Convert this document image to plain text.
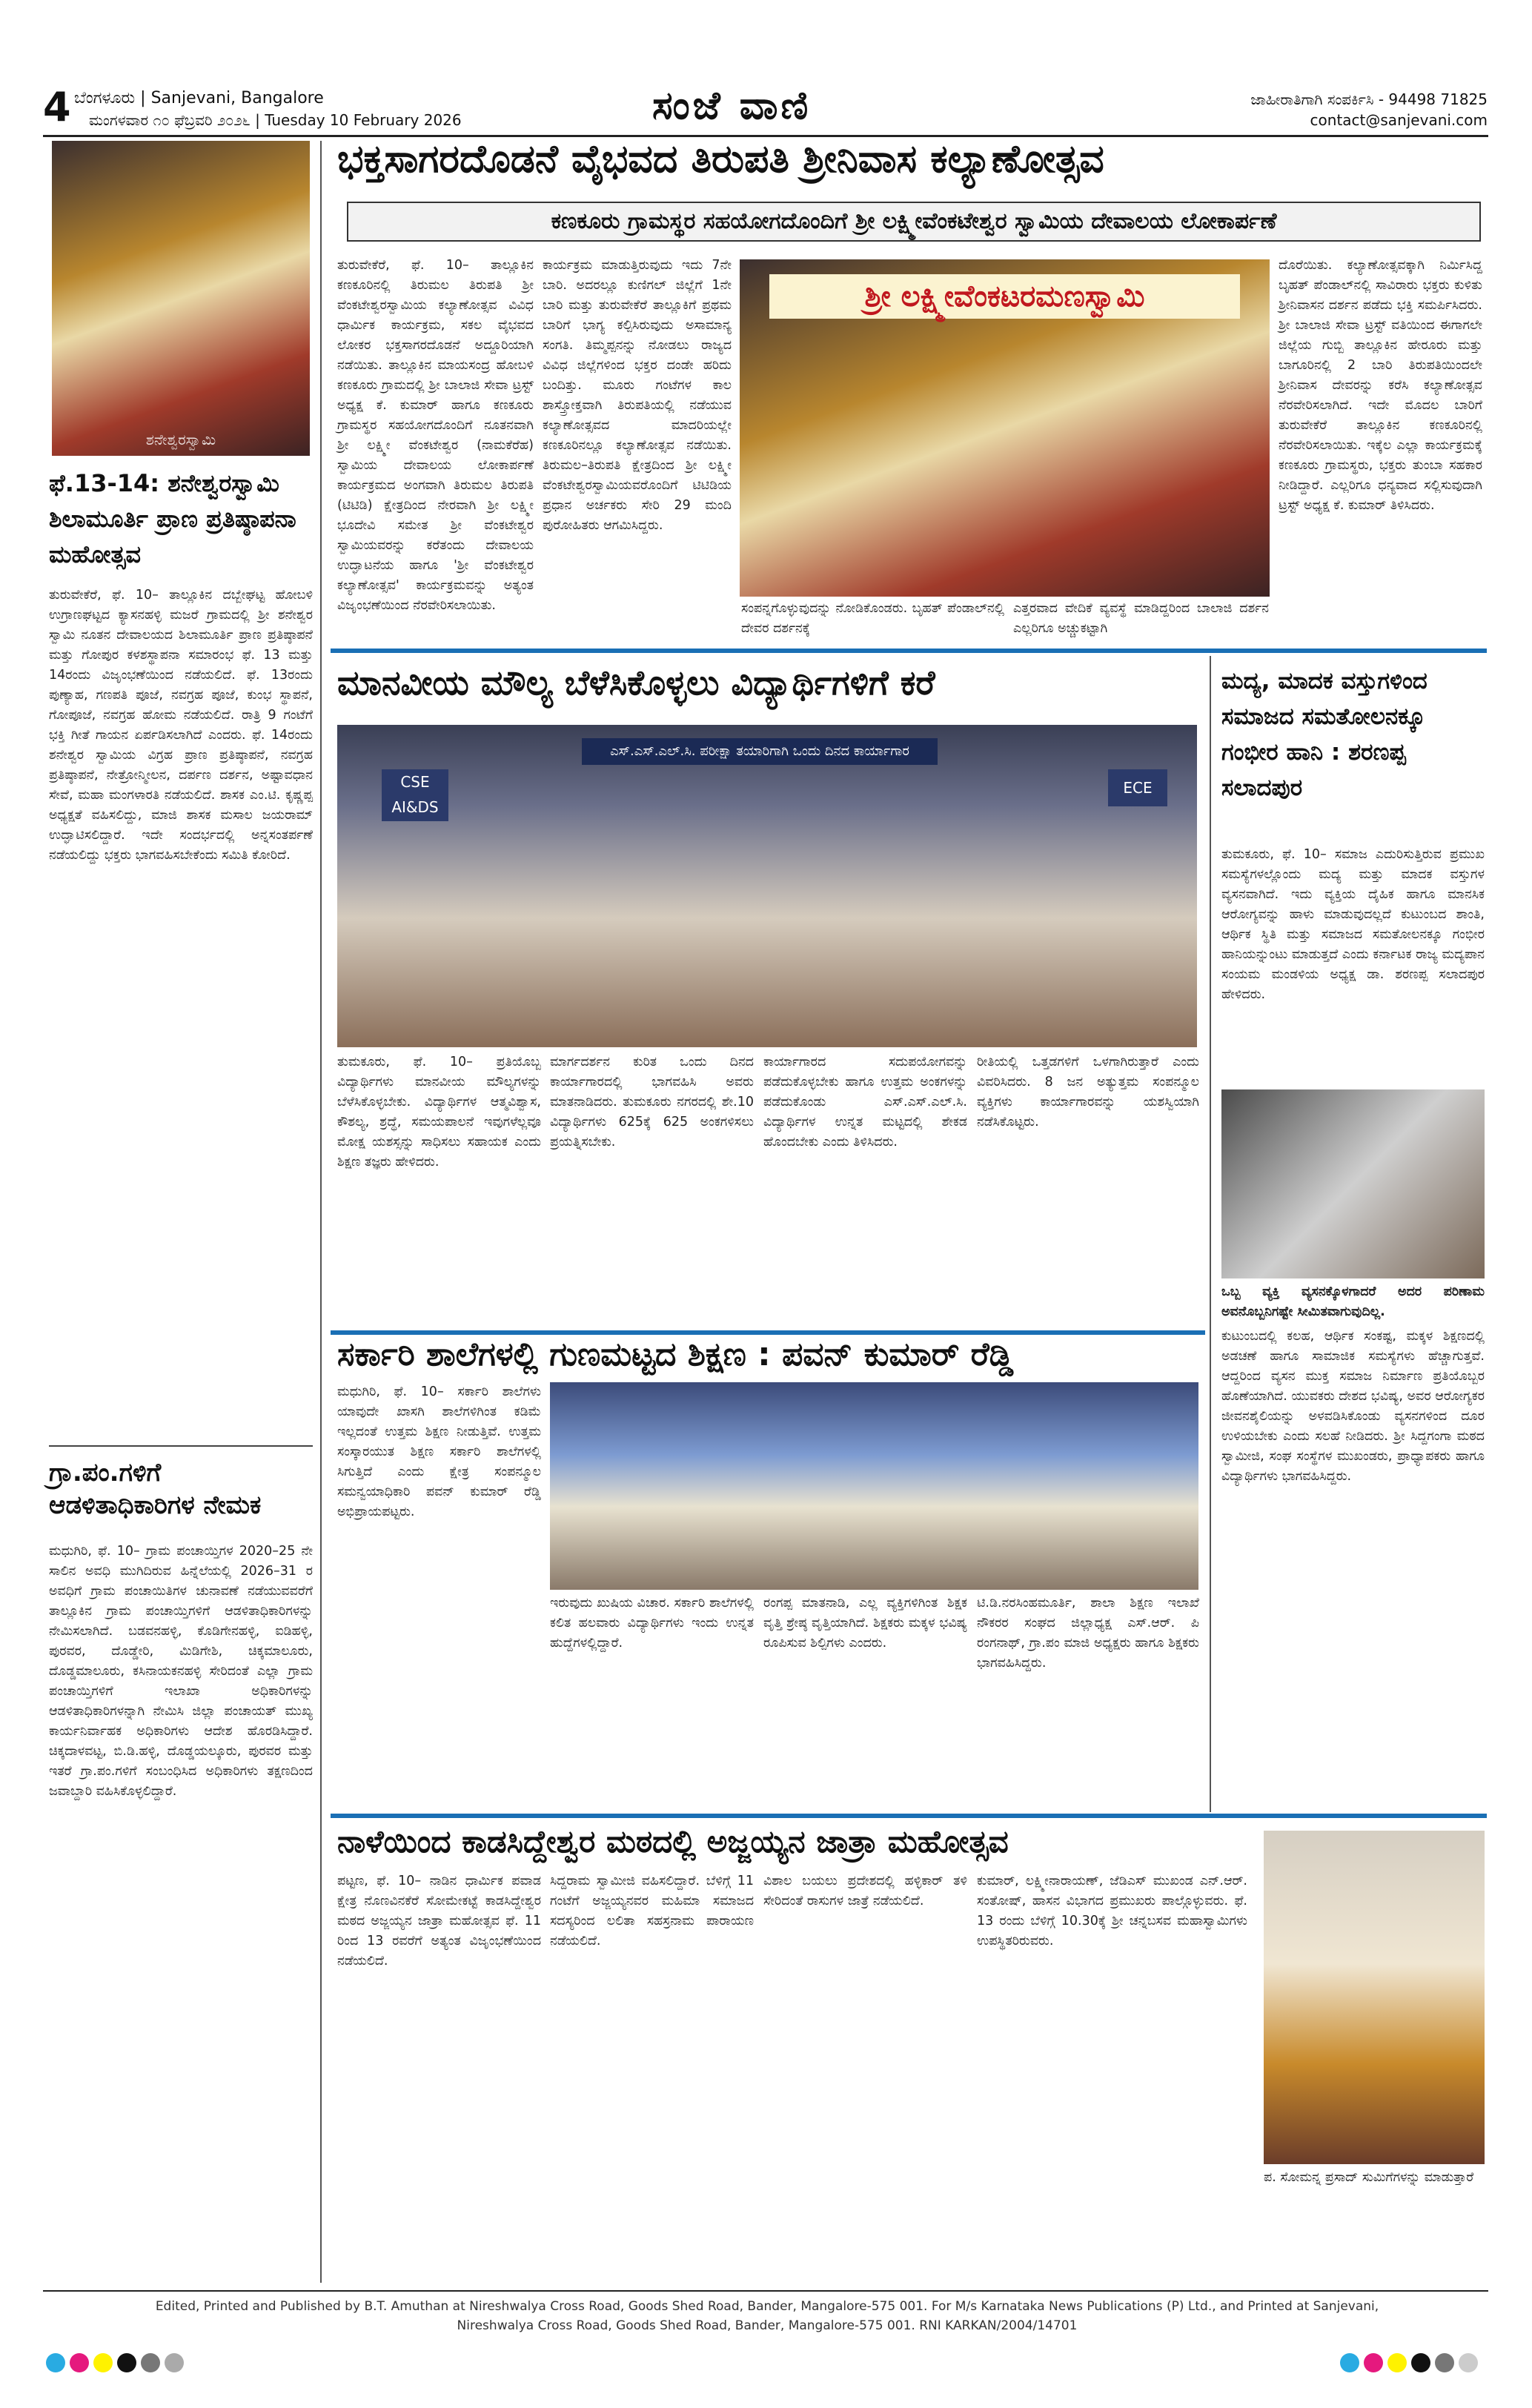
4 ಬೆಂಗಳೂರು | Sanjevani, Bangalore
ಮಂಗಳವಾರ ೧೦ ಫೆಬ್ರವರಿ ೨೦೨೬ | Tuesday 10 February 2026	ಸಂಜೆ ವಾಣಿ	ಜಾಹೀರಾತಿಗಾಗಿ ಸಂಪರ್ಕಿಸಿ - 94498 71825
contact@sanjevani.com
ಶನೇಶ್ವರಸ್ವಾಮಿ
ಫೆ.13-14: ಶನೇಶ್ವರಸ್ವಾಮಿ ಶಿಲಾಮೂರ್ತಿ ಪ್ರಾಣ ಪ್ರತಿಷ್ಠಾಪನಾ ಮಹೋತ್ಸವ
ತುರುವೇಕೆರೆ, ಫೆ. 10– ತಾಲ್ಲೂಕಿನ ದಬ್ಬೇಘಟ್ಟ ಹೋಬಳಿ ಉಗ್ರಾಣಘಟ್ಟದ ಕ್ಯಾಸನಹಳ್ಳಿ ಮಜರೆ ಗ್ರಾಮದಲ್ಲಿ ಶ್ರೀ ಶನೇಶ್ವರ ಸ್ವಾಮಿ ನೂತನ ದೇವಾಲಯದ ಶಿಲಾಮೂರ್ತಿ ಪ್ರಾಣ ಪ್ರತಿಷ್ಠಾಪನೆ ಮತ್ತು ಗೋಪುರ ಕಳಶಸ್ಥಾಪನಾ ಸಮಾರಂಭ ಫೆ. 13 ಮತ್ತು 14ರಂದು ವಿಜೃಂಭಣೆಯಿಂದ ನಡೆಯಲಿದೆ. ಫೆ. 13ರಂದು ಪುಣ್ಯಾಹ, ಗಣಪತಿ ಪೂಜೆ, ನವಗ್ರಹ ಪೂಜೆ, ಕುಂಭ ಸ್ಥಾಪನೆ, ಗೋಪೂಜೆ, ನವಗ್ರಹ ಹೋಮ ನಡೆಯಲಿದೆ. ರಾತ್ರಿ 9 ಗಂಟೆಗೆ ಭಕ್ತಿ ಗೀತೆ ಗಾಯನ ಏರ್ಪಡಿಸಲಾಗಿದೆ ಎಂದರು. ಫೆ. 14ರಂದು ಶನೇಶ್ವರ ಸ್ವಾಮಿಯ ವಿಗ್ರಹ ಪ್ರಾಣ ಪ್ರತಿಷ್ಠಾಪನೆ, ನವಗ್ರಹ ಪ್ರತಿಷ್ಠಾಪನೆ, ನೇತ್ರೋನ್ಮೀಲನ, ದರ್ಪಣ ದರ್ಶನ, ಅಷ್ಟಾವಧಾನ ಸೇವೆ, ಮಹಾ ಮಂಗಳಾರತಿ ನಡೆಯಲಿದೆ. ಶಾಸಕ ಎಂ.ಟಿ. ಕೃಷ್ಣಪ್ಪ ಅಧ್ಯಕ್ಷತೆ ವಹಿಸಲಿದ್ದು, ಮಾಜಿ ಶಾಸಕ ಮಸಾಲ ಜಯರಾಮ್ ಉದ್ಘಾಟಿಸಲಿದ್ದಾರೆ. ಇದೇ ಸಂದರ್ಭದಲ್ಲಿ ಅನ್ನಸಂತರ್ಪಣೆ ನಡೆಯಲಿದ್ದು ಭಕ್ತರು ಭಾಗವಹಿಸಬೇಕೆಂದು ಸಮಿತಿ ಕೋರಿದೆ.
ಗ್ರಾ.ಪಂ.ಗಳಿಗೆ ಆಡಳಿತಾಧಿಕಾರಿಗಳ ನೇಮಕ
ಮಧುಗಿರಿ, ಫೆ. 10– ಗ್ರಾಮ ಪಂಚಾಯ್ತಿಗಳ 2020–25 ನೇ ಸಾಲಿನ ಅವಧಿ ಮುಗಿದಿರುವ ಹಿನ್ನೆಲೆಯಲ್ಲಿ 2026–31 ರ ಅವಧಿಗೆ ಗ್ರಾಮ ಪಂಚಾಯಿತಿಗಳ ಚುನಾವಣೆ ನಡೆಯುವವರೆಗೆ ತಾಲ್ಲೂಕಿನ ಗ್ರಾಮ ಪಂಚಾಯ್ತಿಗಳಿಗೆ ಆಡಳಿತಾಧಿಕಾರಿಗಳನ್ನು ನೇಮಿಸಲಾಗಿದೆ. ಬಡವನಹಳ್ಳಿ, ಕೊಡಿಗೇನಹಳ್ಳಿ, ಐಡಿಹಳ್ಳಿ, ಪುರವರ, ದೊಡ್ಡೇರಿ, ಮಿಡಿಗೇಶಿ, ಚಿಕ್ಕಮಾಲೂರು, ದೊಡ್ಡಮಾಲೂರು, ಕಸಿನಾಯಕನಹಳ್ಳಿ ಸೇರಿದಂತೆ ಎಲ್ಲಾ ಗ್ರಾಮ ಪಂಚಾಯ್ತಿಗಳಿಗೆ ಇಲಾಖಾ ಅಧಿಕಾರಿಗಳನ್ನು ಆಡಳಿತಾಧಿಕಾರಿಗಳನ್ನಾಗಿ ನೇಮಿಸಿ ಜಿಲ್ಲಾ ಪಂಚಾಯತ್ ಮುಖ್ಯ ಕಾರ್ಯನಿರ್ವಾಹಕ ಅಧಿಕಾರಿಗಳು ಆದೇಶ ಹೊರಡಿಸಿದ್ದಾರೆ. ಚಿಕ್ಕದಾಳವಟ್ಟ, ಬಿ.ಡಿ.ಹಳ್ಳಿ, ದೊಡ್ಡಯಲ್ಕೂರು, ಪುರವರ ಮತ್ತು ಇತರೆ ಗ್ರಾ.ಪಂ.ಗಳಿಗೆ ಸಂಬಂಧಿಸಿದ ಅಧಿಕಾರಿಗಳು ತಕ್ಷಣದಿಂದ ಜವಾಬ್ದಾರಿ ವಹಿಸಿಕೊಳ್ಳಲಿದ್ದಾರೆ.
ಭಕ್ತಸಾಗರದೊಡನೆ ವೈಭವದ ತಿರುಪತಿ ಶ್ರೀನಿವಾಸ ಕಲ್ಯಾಣೋತ್ಸವ
ಕಣಕೂರು ಗ್ರಾಮಸ್ಥರ ಸಹಯೋಗದೊಂದಿಗೆ ಶ್ರೀ ಲಕ್ಷ್ಮೀವೆಂಕಟೇಶ್ವರ ಸ್ವಾಮಿಯ ದೇವಾಲಯ ಲೋಕಾರ್ಪಣೆ
ತುರುವೇಕೆರೆ, ಫೆ. 10– ತಾಲ್ಲೂಕಿನ ಕಣಕೂರಿನಲ್ಲಿ ತಿರುಮಲ ತಿರುಪತಿ ಶ್ರೀ ವೆಂಕಟೇಶ್ವರಸ್ವಾಮಿಯ ಕಲ್ಯಾಣೋತ್ಸವ ವಿವಿಧ ಧಾರ್ಮಿಕ ಕಾರ್ಯಕ್ರಮ, ಸಕಲ ವೈಭವದ ಲೋಕರ ಭಕ್ತಸಾಗರದೊಡನೆ ಅದ್ದೂರಿಯಾಗಿ ನಡೆಯಿತು. ತಾಲ್ಲೂಕಿನ ಮಾಯಸಂದ್ರ ಹೋಬಳಿ ಕಣಕೂರು ಗ್ರಾಮದಲ್ಲಿ ಶ್ರೀ ಬಾಲಾಜಿ ಸೇವಾ ಟ್ರಸ್ಟ್ ಅಧ್ಯಕ್ಷ ಕೆ. ಕುಮಾರ್ ಹಾಗೂ ಕಣಕೂರು ಗ್ರಾಮಸ್ಥರ ಸಹಯೋಗದೊಂದಿಗೆ ನೂತನವಾಗಿ ಶ್ರೀ ಲಕ್ಷ್ಮೀ ವೆಂಕಟೇಶ್ವರ (ನಾಮಕೆರೆಹ) ಸ್ವಾಮಿಯ ದೇವಾಲಯ ಲೋಕಾರ್ಪಣೆ ಕಾರ್ಯಕ್ರಮದ ಅಂಗವಾಗಿ ತಿರುಮಲ ತಿರುಪತಿ (ಟಿಟಿಡಿ) ಕ್ಷೇತ್ರದಿಂದ ನೇರವಾಗಿ ಶ್ರೀ ಲಕ್ಷ್ಮೀ ಭೂದೇವಿ ಸಮೇತ ಶ್ರೀ ವೆಂಕಟೇಶ್ವರ ಸ್ವಾಮಿಯವರನ್ನು ಕರೆತಂದು ದೇವಾಲಯ ಉದ್ಘಾಟನೆಯ ಹಾಗೂ 'ಶ್ರೀ ವೆಂಕಟೇಶ್ವರ ಕಲ್ಯಾಣೋತ್ಸವ' ಕಾರ್ಯಕ್ರಮವನ್ನು ಅತ್ಯಂತ ವಿಜೃಂಭಣೆಯಿಂದ ನೆರವೇರಿಸಲಾಯಿತು.
ಕಾರ್ಯಕ್ರಮ ಮಾಡುತ್ತಿರುವುದು ಇದು 7ನೇ ಬಾರಿ. ಅದರಲ್ಲೂ ಕುಣಿಗಲ್ ಜಿಲ್ಲೆಗೆ 1ನೇ ಬಾರಿ ಮತ್ತು ತುರುವೇಕೆರೆ ತಾಲ್ಲೂಕಿಗೆ ಪ್ರಥಮ ಬಾರಿಗೆ ಭಾಗ್ಯ ಕಲ್ಪಿಸಿರುವುದು ಅಸಾಮಾನ್ಯ ಸಂಗತಿ. ತಿಮ್ಮಪ್ಪನನ್ನು ನೋಡಲು ರಾಜ್ಯದ ವಿವಿಧ ಜಿಲ್ಲೆಗಳಿಂದ ಭಕ್ತರ ದಂಡೇ ಹರಿದು ಬಂದಿತ್ತು. ಮೂರು ಗಂಟೆಗಳ ಕಾಲ ಶಾಸ್ತ್ರೋಕ್ತವಾಗಿ ತಿರುಪತಿಯಲ್ಲಿ ನಡೆಯುವ ಕಲ್ಯಾಣೋತ್ಸವದ ಮಾದರಿಯಲ್ಲೇ ಕಣಕೂರಿನಲ್ಲೂ ಕಲ್ಯಾಣೋತ್ಸವ ನಡೆಯಿತು. ತಿರುಮಲ–ತಿರುಪತಿ ಕ್ಷೇತ್ರದಿಂದ ಶ್ರೀ ಲಕ್ಷ್ಮೀ ವೆಂಕಟೇಶ್ವರಸ್ವಾಮಿಯವರೊಂದಿಗೆ ಟಿಟಿಡಿಯ ಪ್ರಧಾನ ಅರ್ಚಕರು ಸೇರಿ 29 ಮಂದಿ ಪುರೋಹಿತರು ಆಗಮಿಸಿದ್ದರು.
ಶ್ರೀ ಲಕ್ಷ್ಮೀವೆಂಕಟರಮಣಸ್ವಾಮಿ
ಸಂಪನ್ನಗೊಳ್ಳುವುದನ್ನು ನೋಡಿಕೊಂಡರು. ಬೃಹತ್ ಪೆಂಡಾಲ್‌ನಲ್ಲಿ ದೇವರ ದರ್ಶನಕ್ಕೆ
ಎತ್ತರವಾದ ವೇದಿಕೆ ವ್ಯವಸ್ಥೆ ಮಾಡಿದ್ದರಿಂದ ಬಾಲಾಜಿ ದರ್ಶನ ಎಲ್ಲರಿಗೂ ಅಚ್ಚುಕಟ್ಟಾಗಿ
ದೊರೆಯಿತು. ಕಲ್ಯಾಣೋತ್ಸವಕ್ಕಾಗಿ ನಿರ್ಮಿಸಿದ್ದ ಬೃಹತ್ ಪೆಂಡಾಲ್‌ನಲ್ಲಿ ಸಾವಿರಾರು ಭಕ್ತರು ಕುಳಿತು ಶ್ರೀನಿವಾಸನ ದರ್ಶನ ಪಡೆದು ಭಕ್ತಿ ಸಮರ್ಪಿಸಿದರು. ಶ್ರೀ ಬಾಲಾಜಿ ಸೇವಾ ಟ್ರಸ್ಟ್ ವತಿಯಿಂದ ಈಗಾಗಲೇ ಜಿಲ್ಲೆಯ ಗುಬ್ಬಿ ತಾಲ್ಲೂಕಿನ ಹೇರೂರು ಮತ್ತು ಬಾಗೂರಿನಲ್ಲಿ 2 ಬಾರಿ ತಿರುಪತಿಯಿಂದಲೇ ಶ್ರೀನಿವಾಸ ದೇವರನ್ನು ಕರೆಸಿ ಕಲ್ಯಾಣೋತ್ಸವ ನೆರವೇರಿಸಲಾಗಿದೆ. ಇದೇ ಮೊದಲ ಬಾರಿಗೆ ತುರುವೇಕೆರೆ ತಾಲ್ಲೂಕಿನ ಕಣಕೂರಿನಲ್ಲಿ ನೆರವೇರಿಸಲಾಯಿತು. ಇಕ್ಕೆಲ ಎಲ್ಲಾ ಕಾರ್ಯಕ್ರಮಕ್ಕೆ ಕಣಕೂರು ಗ್ರಾಮಸ್ಥರು, ಭಕ್ತರು ತುಂಬಾ ಸಹಕಾರ ನೀಡಿದ್ದಾರೆ. ಎಲ್ಲರಿಗೂ ಧನ್ಯವಾದ ಸಲ್ಲಿಸುವುದಾಗಿ ಟ್ರಸ್ಟ್ ಅಧ್ಯಕ್ಷ ಕೆ. ಕುಮಾರ್ ತಿಳಿಸಿದರು.
ಮಾನವೀಯ ಮೌಲ್ಯ ಬೆಳೆಸಿಕೊಳ್ಳಲು ವಿದ್ಯಾರ್ಥಿಗಳಿಗೆ ಕರೆ
ಎಸ್.ಎಸ್.ಎಲ್.ಸಿ. ಪರೀಕ್ಷಾ ತಯಾರಿಗಾಗಿ ಒಂದು ದಿನದ ಕಾರ್ಯಾಗಾರ
CSE AI&DS
ECE
ತುಮಕೂರು, ಫೆ. 10– ಪ್ರತಿಯೊಬ್ಬ ವಿದ್ಯಾರ್ಥಿಗಳು ಮಾನವೀಯ ಮೌಲ್ಯಗಳನ್ನು ಬೆಳೆಸಿಕೊಳ್ಳಬೇಕು. ವಿದ್ಯಾರ್ಥಿಗಳ ಆತ್ಮವಿಶ್ವಾಸ, ಕೌಶಲ್ಯ, ಶ್ರದ್ಧೆ, ಸಮಯಪಾಲನೆ ಇವುಗಳೆಲ್ಲವೂ ಮೋಕ್ಷ ಯಶಸ್ಸನ್ನು ಸಾಧಿಸಲು ಸಹಾಯಕ ಎಂದು ಶಿಕ್ಷಣ ತಜ್ಞರು ಹೇಳಿದರು.
ಮಾರ್ಗದರ್ಶನ ಕುರಿತ ಒಂದು ದಿನದ ಕಾರ್ಯಾಗಾರದಲ್ಲಿ ಭಾಗವಹಿಸಿ ಅವರು ಮಾತನಾಡಿದರು. ತುಮಕೂರು ನಗರದಲ್ಲಿ ಶೇ.10 ವಿದ್ಯಾರ್ಥಿಗಳು 625ಕ್ಕೆ 625 ಅಂಕಗಳಿಸಲು ಪ್ರಯತ್ನಿಸಬೇಕು.
ಕಾರ್ಯಾಗಾರದ ಸದುಪಯೋಗವನ್ನು ಪಡೆದುಕೊಳ್ಳಬೇಕು ಹಾಗೂ ಉತ್ತಮ ಅಂಕಗಳನ್ನು ಪಡೆದುಕೊಂಡು ಎಸ್.ಎಸ್.ಎಲ್.ಸಿ. ವಿದ್ಯಾರ್ಥಿಗಳ ಉನ್ನತ ಮಟ್ಟದಲ್ಲಿ ಶೇಕಡ ಹೊಂದಬೇಕು ಎಂದು ತಿಳಿಸಿದರು.
ರೀತಿಯಲ್ಲಿ ಒತ್ತಡಗಳಿಗೆ ಒಳಗಾಗಿರುತ್ತಾರೆ ಎಂದು ವಿವರಿಸಿದರು. 8 ಜನ ಅತ್ಯುತ್ತಮ ಸಂಪನ್ಮೂಲ ವ್ಯಕ್ತಿಗಳು ಕಾರ್ಯಾಗಾರವನ್ನು ಯಶಸ್ವಿಯಾಗಿ ನಡೆಸಿಕೊಟ್ಟರು.
ಮದ್ಯ, ಮಾದಕ ವಸ್ತುಗಳಿಂದ ಸಮಾಜದ ಸಮತೋಲನಕ್ಕೂ ಗಂಭೀರ ಹಾನಿ : ಶರಣಪ್ಪ ಸಲಾದಪುರ
ತುಮಕೂರು, ಫೆ. 10– ಸಮಾಜ ಎದುರಿಸುತ್ತಿರುವ ಪ್ರಮುಖ ಸಮಸ್ಯೆಗಳಲ್ಲೊಂದು ಮದ್ಯ ಮತ್ತು ಮಾದಕ ವಸ್ತುಗಳ ವ್ಯಸನವಾಗಿದೆ. ಇದು ವ್ಯಕ್ತಿಯ ದೈಹಿಕ ಹಾಗೂ ಮಾನಸಿಕ ಆರೋಗ್ಯವನ್ನು ಹಾಳು ಮಾಡುವುದಲ್ಲದೆ ಕುಟುಂಬದ ಶಾಂತಿ, ಆರ್ಥಿಕ ಸ್ಥಿತಿ ಮತ್ತು ಸಮಾಜದ ಸಮತೋಲನಕ್ಕೂ ಗಂಭೀರ ಹಾನಿಯನ್ನುಂಟು ಮಾಡುತ್ತದೆ ಎಂದು ಕರ್ನಾಟಕ ರಾಜ್ಯ ಮದ್ಯಪಾನ ಸಂಯಮ ಮಂಡಳಿಯ ಅಧ್ಯಕ್ಷ ಡಾ. ಶರಣಪ್ಪ ಸಲಾದಪುರ ಹೇಳಿದರು.
ಒಬ್ಬ ವ್ಯಕ್ತಿ ವ್ಯಸನಕ್ಕೊಳಗಾದರೆ ಅದರ ಪರಿಣಾಮ ಅವನೊಬ್ಬನಿಗಷ್ಟೇ ಸೀಮಿತವಾಗುವುದಿಲ್ಲ.
ಕುಟುಂಬದಲ್ಲಿ ಕಲಹ, ಆರ್ಥಿಕ ಸಂಕಷ್ಟ, ಮಕ್ಕಳ ಶಿಕ್ಷಣದಲ್ಲಿ ಅಡಚಣೆ ಹಾಗೂ ಸಾಮಾಜಿಕ ಸಮಸ್ಯೆಗಳು ಹೆಚ್ಚಾಗುತ್ತವೆ. ಆದ್ದರಿಂದ ವ್ಯಸನ ಮುಕ್ತ ಸಮಾಜ ನಿರ್ಮಾಣ ಪ್ರತಿಯೊಬ್ಬರ ಹೊಣೆಯಾಗಿದೆ. ಯುವಕರು ದೇಶದ ಭವಿಷ್ಯ, ಅವರ ಆರೋಗ್ಯಕರ ಜೀವನಶೈಲಿಯನ್ನು ಅಳವಡಿಸಿಕೊಂಡು ವ್ಯಸನಗಳಿಂದ ದೂರ ಉಳಿಯಬೇಕು ಎಂದು ಸಲಹೆ ನೀಡಿದರು. ಶ್ರೀ ಸಿದ್ದಗಂಗಾ ಮಠದ ಸ್ವಾಮೀಜಿ, ಸಂಘ ಸಂಸ್ಥೆಗಳ ಮುಖಂಡರು, ಪ್ರಾಧ್ಯಾಪಕರು ಹಾಗೂ ವಿದ್ಯಾರ್ಥಿಗಳು ಭಾಗವಹಿಸಿದ್ದರು.
ಸರ್ಕಾರಿ ಶಾಲೆಗಳಲ್ಲಿ ಗುಣಮಟ್ಟದ ಶಿಕ್ಷಣ : ಪವನ್ ಕುಮಾರ್ ರೆಡ್ಡಿ
ಮಧುಗಿರಿ, ಫೆ. 10– ಸರ್ಕಾರಿ ಶಾಲೆಗಳು ಯಾವುದೇ ಖಾಸಗಿ ಶಾಲೆಗಳಿಗಿಂತ ಕಡಿಮೆ ಇಲ್ಲದಂತೆ ಉತ್ತಮ ಶಿಕ್ಷಣ ನೀಡುತ್ತಿವೆ. ಉತ್ತಮ ಸಂಸ್ಕಾರಯುತ ಶಿಕ್ಷಣ ಸರ್ಕಾರಿ ಶಾಲೆಗಳಲ್ಲಿ ಸಿಗುತ್ತಿದೆ ಎಂದು ಕ್ಷೇತ್ರ ಸಂಪನ್ಮೂಲ ಸಮನ್ವಯಾಧಿಕಾರಿ ಪವನ್ ಕುಮಾರ್ ರೆಡ್ಡಿ ಅಭಿಪ್ರಾಯಪಟ್ಟರು.
ಇರುವುದು ಖುಷಿಯ ವಿಚಾರ. ಸರ್ಕಾರಿ ಶಾಲೆಗಳಲ್ಲಿ ಕಲಿತ ಹಲವಾರು ವಿದ್ಯಾರ್ಥಿಗಳು ಇಂದು ಉನ್ನತ ಹುದ್ದೆಗಳಲ್ಲಿದ್ದಾರೆ.
ರಂಗಪ್ಪ ಮಾತನಾಡಿ, ಎಲ್ಲ ವ್ಯಕ್ತಿಗಳಿಗಿಂತ ಶಿಕ್ಷಕ ವೃತ್ತಿ ಶ್ರೇಷ್ಠ ವೃತ್ತಿಯಾಗಿದೆ. ಶಿಕ್ಷಕರು ಮಕ್ಕಳ ಭವಿಷ್ಯ ರೂಪಿಸುವ ಶಿಲ್ಪಿಗಳು ಎಂದರು.
ಟಿ.ಡಿ.ನರಸಿಂಹಮೂರ್ತಿ, ಶಾಲಾ ಶಿಕ್ಷಣ ಇಲಾಖೆ ನೌಕರರ ಸಂಘದ ಜಿಲ್ಲಾಧ್ಯಕ್ಷ ಎಸ್.ಆರ್. ಪಿ ರಂಗನಾಥ್, ಗ್ರಾ.ಪಂ ಮಾಜಿ ಅಧ್ಯಕ್ಷರು ಹಾಗೂ ಶಿಕ್ಷಕರು ಭಾಗವಹಿಸಿದ್ದರು.
ನಾಳೆಯಿಂದ ಕಾಡಸಿದ್ದೇಶ್ವರ ಮಠದಲ್ಲಿ ಅಜ್ಜಯ್ಯನ ಜಾತ್ರಾ ಮಹೋತ್ಸವ
ಪಟ್ಟಣ, ಫೆ. 10– ನಾಡಿನ ಧಾರ್ಮಿಕ ಪವಾಡ ಕ್ಷೇತ್ರ ನೊಣವಿನಕೆರೆ ಸೋಮೇಕಟ್ಟೆ ಕಾಡಸಿದ್ದೇಶ್ವರ ಮಠದ ಅಜ್ಜಯ್ಯನ ಜಾತ್ರಾ ಮಹೋತ್ಸವ ಫೆ. 11 ರಿಂದ 13 ರವರೆಗೆ ಅತ್ಯಂತ ವಿಜೃಂಭಣೆಯಿಂದ ನಡೆಯಲಿದೆ.
ಸಿದ್ದರಾಮ ಸ್ವಾಮೀಜಿ ವಹಿಸಲಿದ್ದಾರೆ. ಬೆಳಿಗ್ಗೆ 11 ಗಂಟೆಗೆ ಅಜ್ಜಯ್ಯನವರ ಮಹಿಮಾ ಸಮಾಜದ ಸದಸ್ಯರಿಂದ ಲಲಿತಾ ಸಹಸ್ರನಾಮ ಪಾರಾಯಣ ನಡೆಯಲಿದೆ.
ವಿಶಾಲ ಬಯಲು ಪ್ರದೇಶದಲ್ಲಿ ಹಳ್ಳಿಕಾರ್ ತಳಿ ಸೇರಿದಂತೆ ರಾಸುಗಳ ಜಾತ್ರೆ ನಡೆಯಲಿದೆ.
ಕುಮಾರ್, ಲಕ್ಷ್ಮೀನಾರಾಯಣ್, ಜೆಡಿಎಸ್ ಮುಖಂಡ ಎನ್.ಆರ್. ಸಂತೋಷ್, ಹಾಸನ ವಿಭಾಗದ ಪ್ರಮುಖರು ಪಾಲ್ಗೊಳ್ಳುವರು. ಫೆ. 13 ರಂದು ಬೆಳಿಗ್ಗೆ 10.30ಕ್ಕೆ ಶ್ರೀ ಚನ್ನಬಸವ ಮಹಾಸ್ವಾಮಿಗಳು ಉಪಸ್ಥಿತರಿರುವರು.
ಪ. ಸೋಮನ್ನ ಪ್ರಸಾದ್ ಸುಮಿಗೆಗಳನ್ನು ಮಾಡುತ್ತಾರೆ
Edited, Printed and Published by B.T. Amuthan at Nireshwalya Cross Road, Goods Shed Road, Bander, Mangalore-575 001. For M/s Karnataka News Publications (P) Ltd., and Printed at Sanjevani,
Nireshwalya Cross Road, Goods Shed Road, Bander, Mangalore-575 001. RNI KARKAN/2004/14701
